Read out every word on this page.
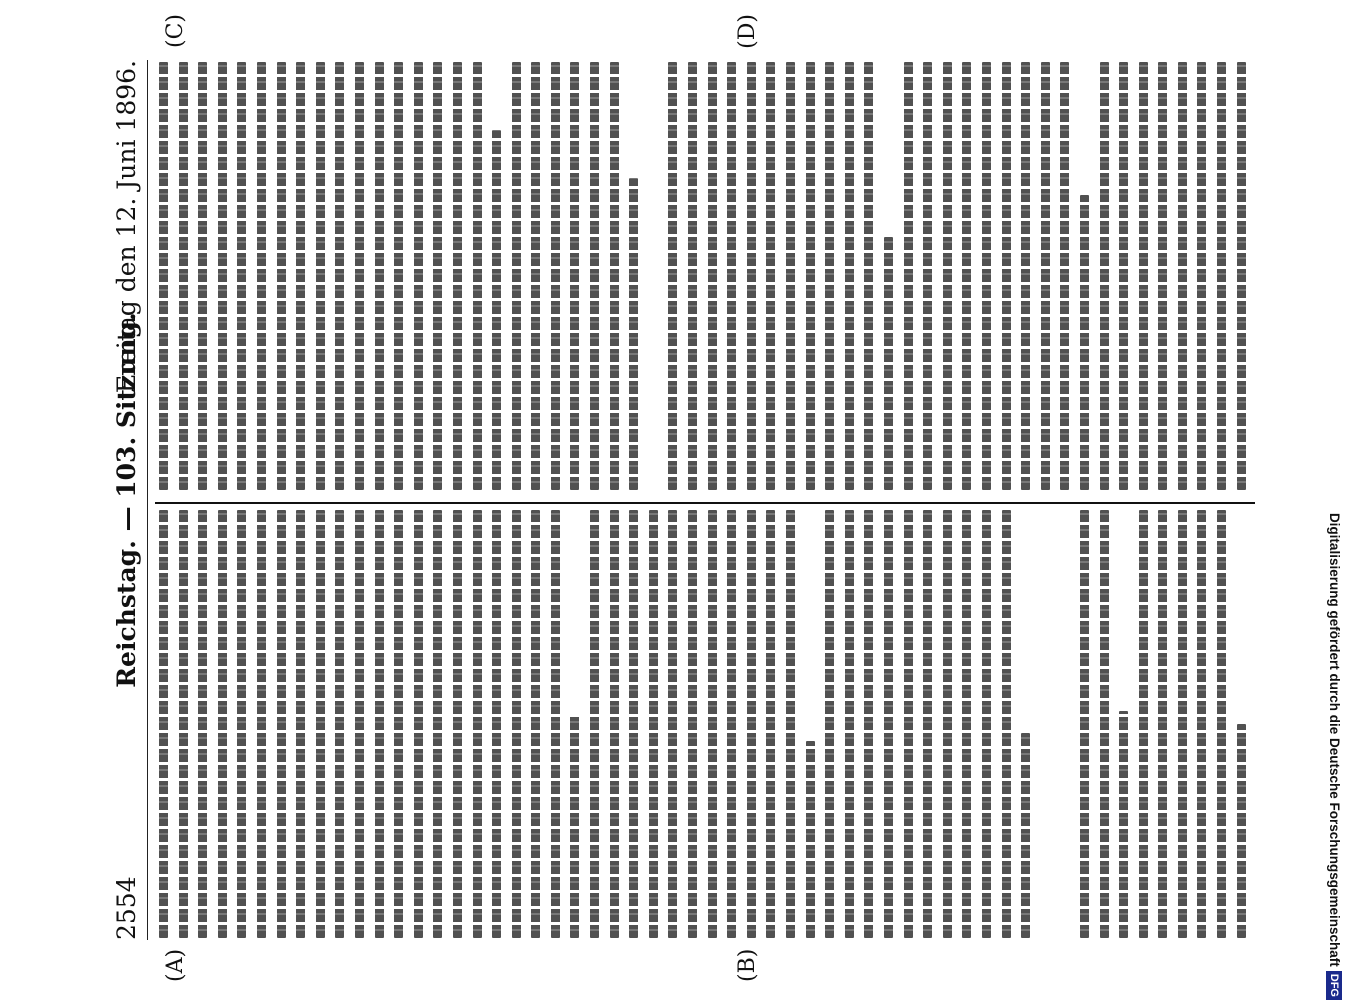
2554
Reichstag. — 103. Sitzung.
Freitag den 12. Juni 1896.
(A)	(B)
(C)	(D)
Digitalisierung gefördert durch die Deutsche ForschungsgemeinschaftDFG
